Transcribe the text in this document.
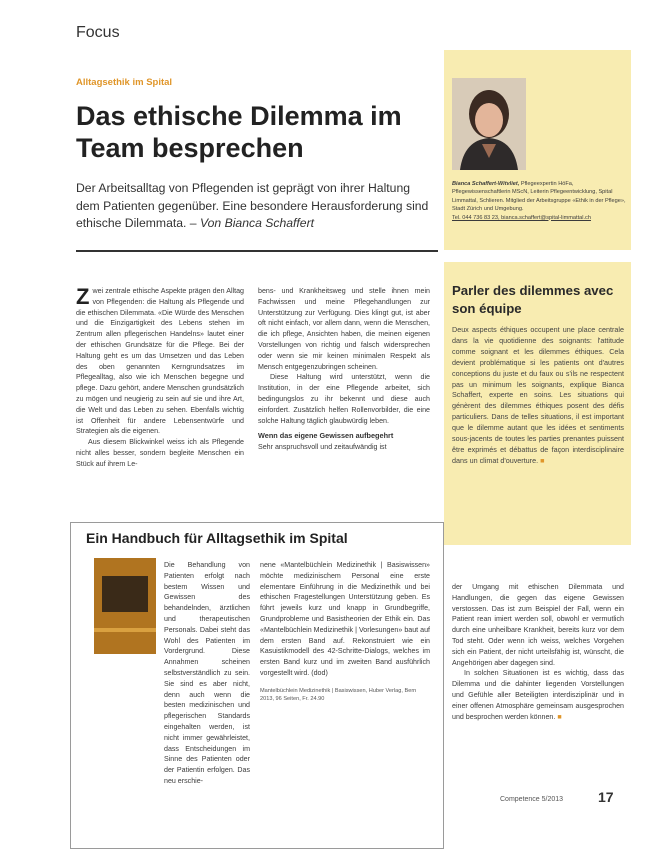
Focus
Alltagsethik im Spital
Das ethische Dilemma im Team besprechen
Der Arbeitsalltag von Pflegenden ist geprägt von ihrer Haltung dem Patienten gegenüber. Eine besondere Herausforderung sind ethische Dilemmata. – Von Bianca Schaffert
Bianca Schaffert-Witvliet, Pflegeexpertin HöFa, Pflegewissenschaftlerin MScN, Leiterin Pflegeentwicklung, Spital Limmattal, Schlieren. Mitglied der Arbeitsgruppe «Ethik in der Pflege», Stadt Zürich und Umgebung.
Tel. 044 736 83 23, bianca.schaffert@spital-limmattal.ch

Zwei zentrale ethische Aspekte prägen den Alltag von Pflegenden: die Haltung als Pflegende und die ethischen Dilemmata. «Die Würde des Menschen und die Einzigartigkeit des Lebens stehen im Zentrum allen pflegerischen Handelns» lautet einer der ethischen Grundsätze für die Pflege. Bei der Haltung geht es um das Umsetzen und das Leben des oben genannten Kerngrundsatzes im Pflegealltag, also wie ich Menschen begegne und pflege. Dazu gehört, andere Menschen grundsätzlich zu mögen und neugierig zu sein auf sie und ihre Art, die Welt und das Leben zu sehen. Ebenfalls wichtig ist Offenheit für andere Lebensentwürfe und Strategien als die eigenen.

Aus diesem Blickwinkel weiss ich als Pflegende nicht alles besser, sondern begleite Menschen ein Stück auf ihrem Le-

bens- und Krankheitsweg und stelle ihnen mein Fachwissen und meine Pflegehandlungen zur Unterstützung zur Verfügung. Dies klingt gut, ist aber oft nicht einfach, vor allem dann, wenn die Menschen, die ich pflege, Ansichten haben, die meinen eigenen Vorstellungen von richtig und falsch widersprechen oder wenn sie mir keinen minimalen Respekt als Mensch entgegenzubringen scheinen.

Diese Haltung wird unterstützt, wenn die Institution, in der eine Pflegende arbeitet, sich bedingungslos zu ihr bekennt und diese auch einfordert. Zusätzlich helfen Rollenvorbilder, die eine solche Haltung täglich glaubwürdig leben.

Wenn das eigene Gewissen aufbegehrt
Sehr anspruchsvoll und zeitaufwändig ist
Parler des dilemmes avec son équipe
Deux aspects éthiques occupent une place centrale dans la vie quotidienne des soignants: l'attitude comme soignant et les dilemmes éthiques. Cela devient problématique si les patients ont d'autres conceptions du juste et du faux ou s'ils ne respectent pas un minimum les soignants, explique Bianca Schaffert, experte en soins. Les situations qui génèrent des dilemmes éthiques posent des défis particuliers. Dans de telles situations, il est important que le dilemme autant que les idées et sentiments sous-jacents de toutes les parties prenantes puissent être exprimés et débattus de façon interdisciplinaire dans un climat d'ouverture. ■

der Umgang mit ethischen Dilemmata und Handlungen, die gegen das eigene Gewissen verstossen. Das ist zum Beispiel der Fall, wenn ein Patient rean imiert werden soll, obwohl er vermutlich durch eine unheilbare Krankheit, bereits kurz vor dem Tod steht. Oder wenn ich weiss, welches Vorgehen sich ein Patient, der nicht urteilsfähig ist, wünscht, die Angehörigen aber dagegen sind.

In solchen Situationen ist es wichtig, dass das Dilemma und die dahinter liegenden Vorstellungen und Gefühle aller Beteiligten interdisziplinär und in einer offenen Atmosphäre gemeinsam ausgesprochen und besprochen werden können. ■

Ein Handbuch für Alltagsethik im Spital
Die Behandlung von Patienten erfolgt nach bestem Wissen und Gewissen des behandelnden, ärztlichen und therapeutischen Personals. Dabei steht das Wohl des Patienten im Vordergrund. Diese Annahmen scheinen selbstverständlich zu sein. Sie sind es aber nicht, denn auch wenn die besten medizinischen und pflegerischen Standards eingehalten werden, ist nicht immer gewährleistet, dass Entscheidungen im Sinne des Patienten oder der Patientin erfolgen. Das neu erschie-
nene «Mantelbüchlein Medizinethik | Basiswissen» möchte medizinischem Personal eine erste elementare Einführung in die Medizinethik und bei ethischen Fragestellungen Unterstützung geben. Es führt jeweils kurz und knapp in Grundbegriffe, Grundprobleme und Basistheorien der Ethik ein. Das «Mantelbüchlein Medizinethik | Vorlesungen» baut auf dem ersten Band auf. Rekonstruiert wie ein Kasuistikmodell des 42-Schritte-Dialogs, welches im ersten Band kurz und im zweiten Band ausführlich vorgestellt wird. (dod)
Mantelbüchlein Medizinethik | Basiswissen, Huber Verlag, Bern 2013, 96 Seiten, Fr. 24.90
Competence 5/2013 17
